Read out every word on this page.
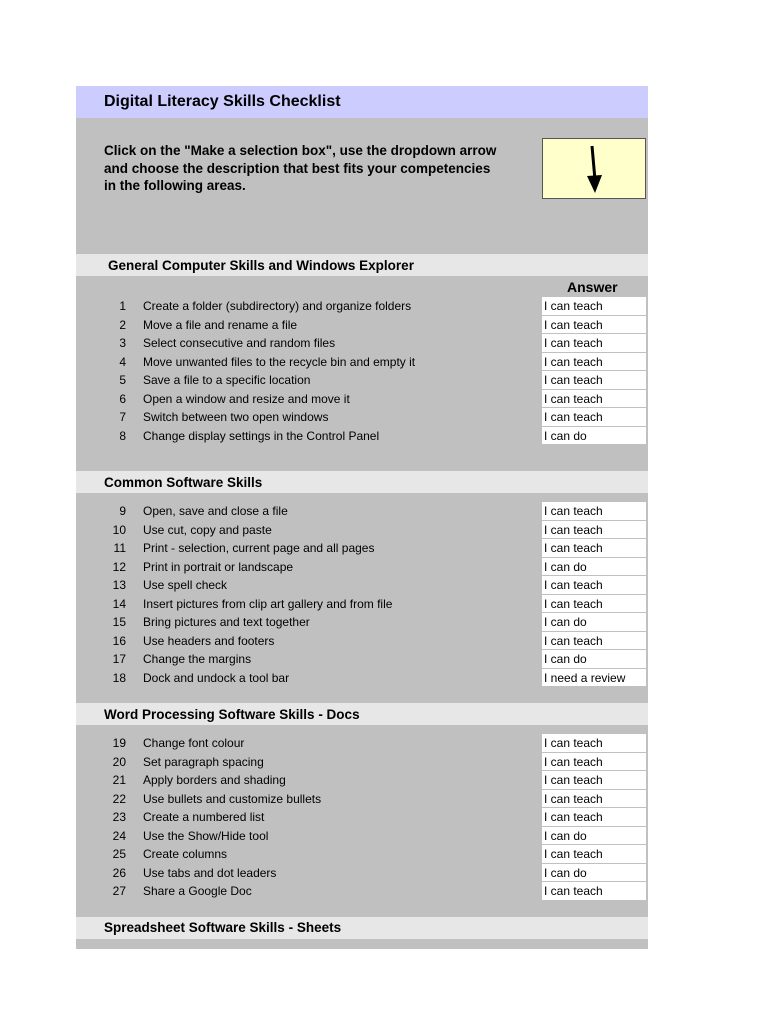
Digital Literacy Skills Checklist
Click on the "Make a selection box", use the dropdown arrow and choose the description that best fits your competencies in the following areas.
General Computer Skills and Windows Explorer
Answer
1 Create a folder (subdirectory) and organize folders	I can teach
2 Move a file and rename a file	I can teach
3 Select consecutive and random files	I can teach
4 Move unwanted files to the recycle bin and empty it	I can teach
5 Save a file to a specific location	I can teach
6 Open a window and resize and move it	I can teach
7 Switch between two open windows	I can teach
8 Change display settings in the Control Panel	I can do
Common Software Skills
9 Open, save and close a file	I can teach
10 Use cut, copy and paste	I can teach
11 Print - selection, current page and all pages	I can teach
12 Print in portrait or landscape	I can do
13 Use spell check	I can teach
14 Insert pictures from clip art gallery and from file	I can teach
15 Bring pictures and text together	I can do
16 Use headers and footers	I can teach
17 Change the margins	I can do
18 Dock and undock a tool bar	I need a review
Word Processing Software Skills - Docs
19 Change font colour	I can teach
20 Set paragraph spacing	I can teach
21 Apply borders and shading	I can teach
22 Use bullets and customize bullets	I can teach
23 Create a numbered list	I can teach
24 Use the Show/Hide tool	I can do
25 Create columns	I can teach
26 Use tabs and dot leaders	I can do
27 Share a Google Doc	I can teach
Spreadsheet Software Skills - Sheets
